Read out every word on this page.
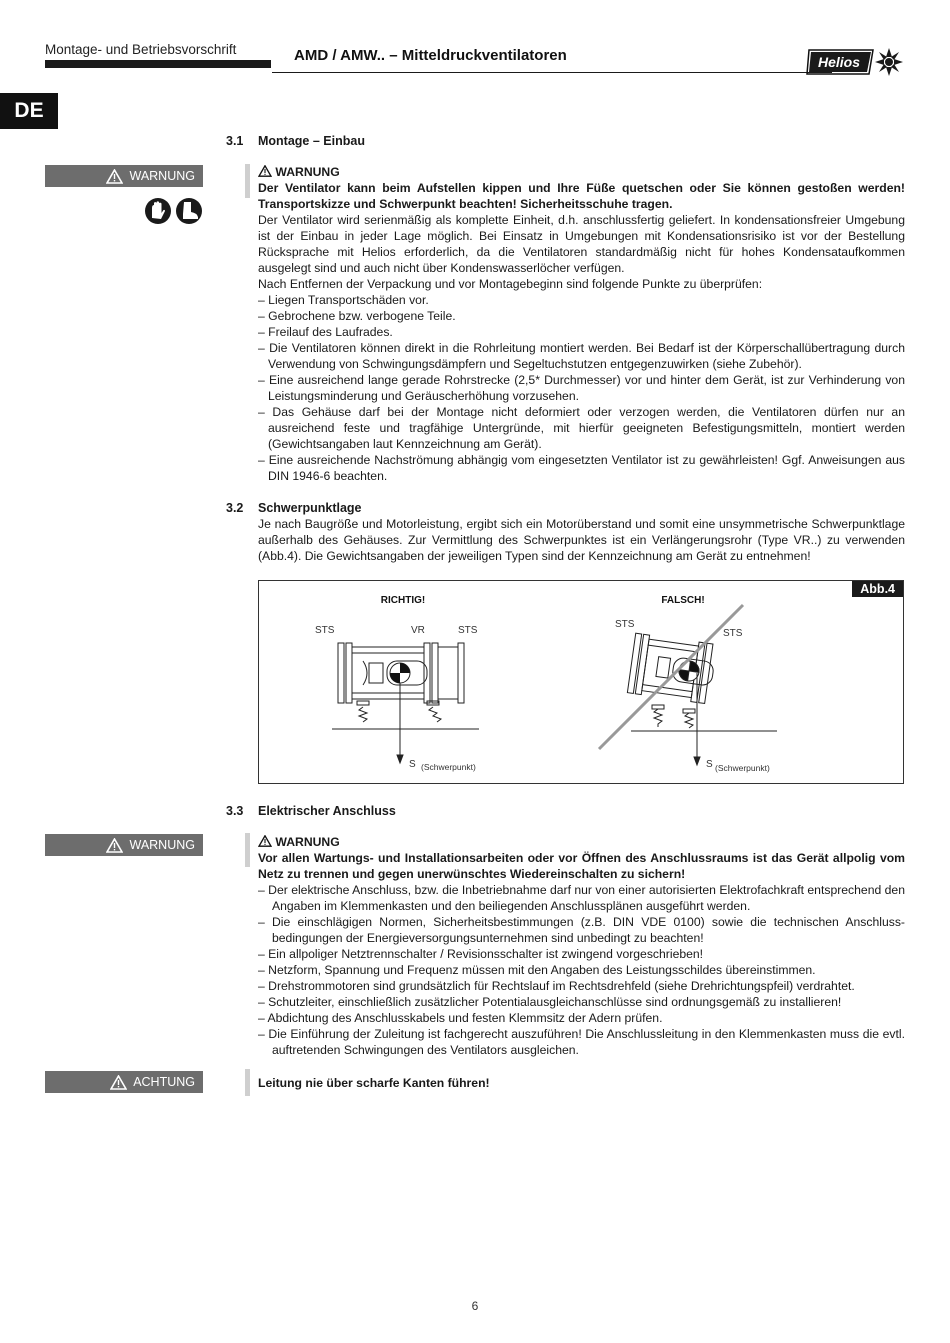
Montage- und Betriebsvorschrift	AMD / AMW.. – Mitteldruckventilatoren	Helios
DE
3.1 Montage – Einbau
WARNUNG	WARNUNG

Der Ventilator kann beim Aufstellen kippen und Ihre Füße quetschen oder Sie können gestoßen werden! Transportskizze und Schwerpunkt beachten! Sicherheitsschuhe tragen.

Der Ventilator wird serienmäßig als komplette Einheit, d.h. anschlussfertig geliefert. In kondensationsfreier Umgebung ist der Einbau in jeder Lage möglich. Bei Einsatz in Umgebungen mit Kondensationsrisiko ist vor der Bestellung Rücksprache mit Helios erforderlich, da die Ventilatoren standardmäßig nicht für hohes Kondensataufkommen ausgelegt sind und auch nicht über Kondenswasserlöcher verfügen.

Nach Entfernen der Verpackung und vor Montagebeginn sind folgende Punkte zu überprüfen:

– Liegen Transportschäden vor.

– Gebrochene bzw. verbogene Teile.

– Freilauf des Laufrades.

– Die Ventilatoren können direkt in die Rohrleitung montiert werden. Bei Bedarf ist der Körperschallübertragung durch Verwendung von Schwingungsdämpfern und Segeltuchstutzen entgegenzuwirken (siehe Zubehör).

– Eine ausreichend lange gerade Rohrstrecke (2,5* Durchmesser) vor und hinter dem Gerät, ist zur Verhinderung von Leistungsminderung und Geräuscherhöhung vorzusehen.

– Das Gehäuse darf bei der Montage nicht deformiert oder verzogen werden, die Ventilatoren dürfen nur an ausreichend feste und tragfähige Untergründe, mit hierfür geeigneten Befestigungsmitteln, montiert werden (Gewichtsangaben laut Kennzeichnung am Gerät).

– Eine ausreichende Nachströmung abhängig vom eingesetzten Ventilator ist zu gewährleisten! Ggf. Anweisungen aus DIN 1946-6 beachten.

3.2 Schwerpunktlage

Je nach Baugröße und Motorleistung, ergibt sich ein Motorüberstand und somit eine unsymmetrische Schwerpunktlage außerhalb des Gehäuses. Zur Vermittlung des Schwerpunktes ist ein Verlängerungsrohr (Type VR..) zu verwenden (Abb.4). Die Gewichtsangaben der jeweiligen Typen sind der Kennzeichnung am Gerät zu entnehmen!

Abb.4
RICHTIG!
STS	VR	STS
S (Schwerpunkt)
FALSCH!
STS
STS
S (Schwerpunkt)
3.3 Elektrischer Anschluss
WARNUNG	WARNUNG

Vor allen Wartungs- und Installationsarbeiten oder vor Öffnen des Anschlussraums ist das Gerät allpolig vom Netz zu trennen und gegen unerwünschtes Wiedereinschalten zu sichern!

– Der elektrische Anschluss, bzw. die Inbetriebnahme darf nur von einer autorisierten Elektrofachkraft entsprechend den Angaben im Klemmenkasten und den beiliegenden Anschlussplänen ausgeführt werden.

– Die einschlägigen Normen, Sicherheitsbestimmungen (z.B. DIN VDE 0100) sowie die technischen Anschluss-bedingungen der Energieversorgungsunternehmen sind unbedingt zu beachten!

– Ein allpoliger Netztrennschalter / Revisionsschalter ist zwingend vorgeschrieben!

– Netzform, Spannung und Frequenz müssen mit den Angaben des Leistungsschildes übereinstimmen.

– Drehstrommotoren sind grundsätzlich für Rechtslauf im Rechtsdrehfeld (siehe Drehrichtungspfeil) verdrahtet.

– Schutzleiter, einschließlich zusätzlicher Potentialausgleichanschlüsse sind ordnungsgemäß zu installieren!

– Abdichtung des Anschlusskabels und festen Klemmsitz der Adern prüfen.

– Die Einführung der Zuleitung ist fachgerecht auszuführen! Die Anschlussleitung in den Klemmenkasten muss die evtl. auftretenden Schwingungen des Ventilators ausgleichen.

ACHTUNG	Leitung nie über scharfe Kanten führen!
6
